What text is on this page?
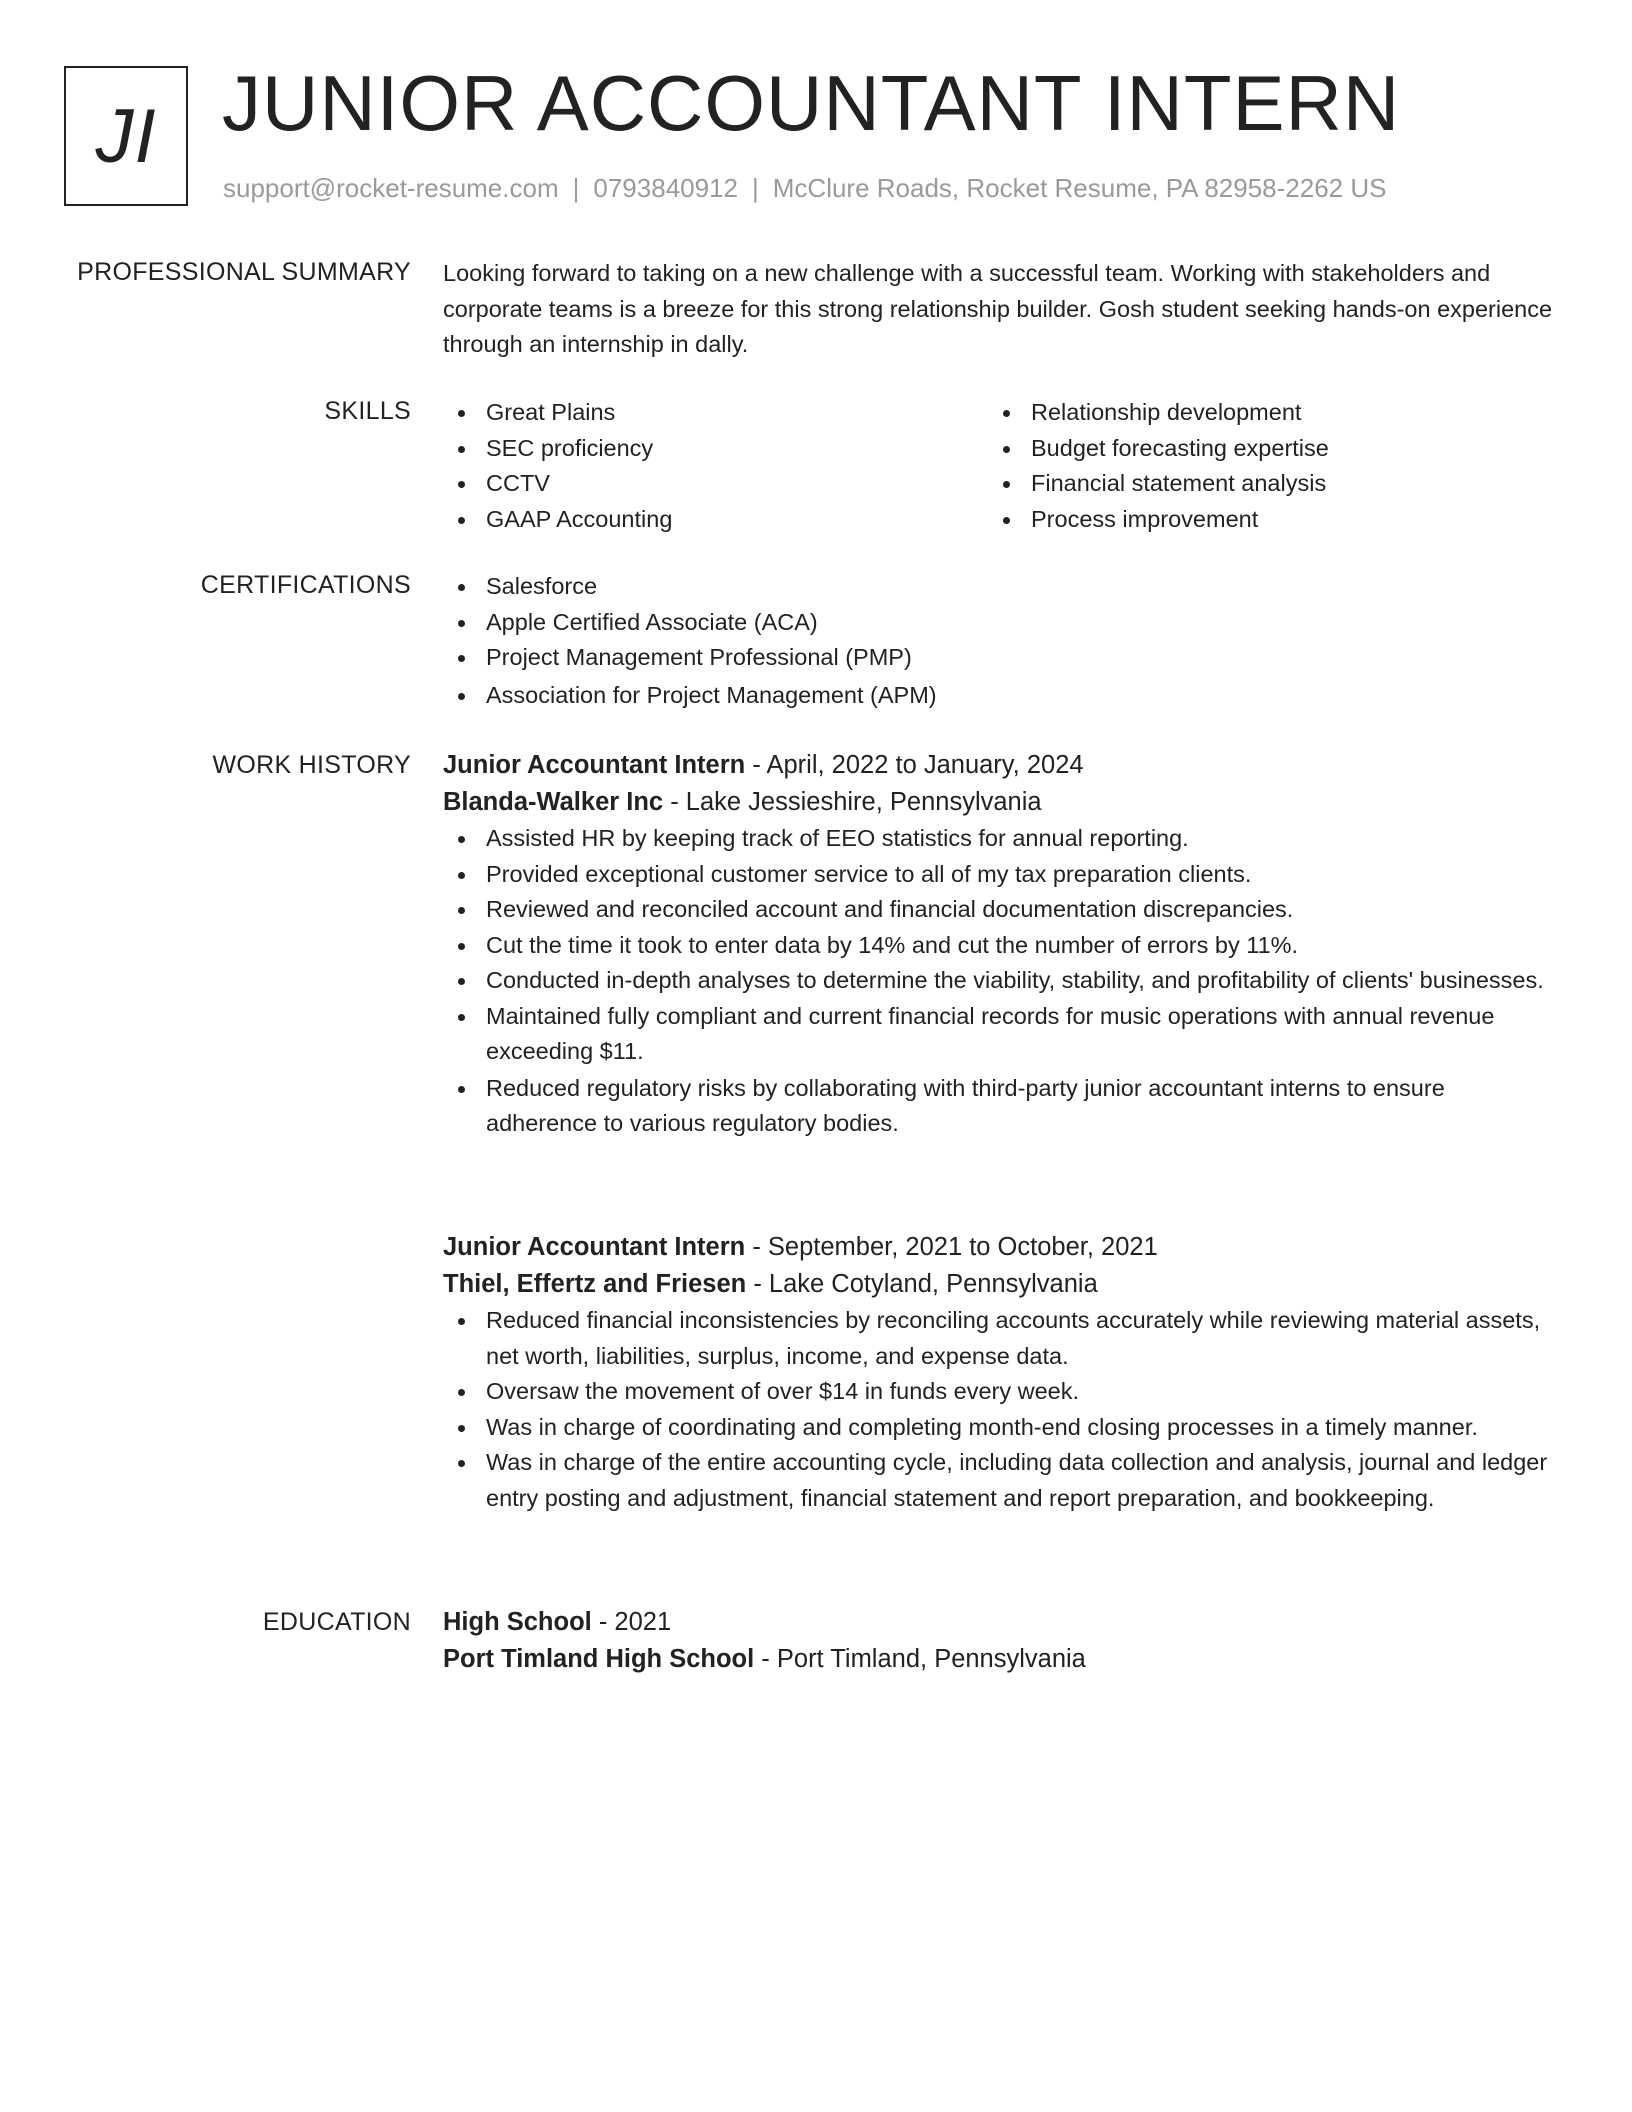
JI JUNIOR ACCOUNTANT INTERN
support@rocket-resume.com | 0793840912 | McClure Roads, Rocket Resume, PA 82958-2262 US
PROFESSIONAL SUMMARY Looking forward to taking on a new challenge with a successful team. Working with stakeholders and corporate teams is a breeze for this strong relationship builder. Gosh student seeking hands-on experience through an internship in dally.

SKILLS	Great Plains
SEC proficiency
CCTV
GAAP Accounting
Relationship development
Budget forecasting expertise
Financial statement analysis
Process improvement
CERTIFICATIONS	Salesforce
Apple Certified Associate (ACA)
Project Management Professional (PMP)
Association for Project Management (APM)
WORK HISTORY Junior Accountant Intern - April, 2022 to January, 2024
Blanda-Walker Inc - Lake Jessieshire, Pennsylvania
Assisted HR by keeping track of EEO statistics for annual reporting.
Provided exceptional customer service to all of my tax preparation clients.
Reviewed and reconciled account and financial documentation discrepancies.
Cut the time it took to enter data by 14% and cut the number of errors by 11%.
Conducted in-depth analyses to determine the viability, stability, and profitability of clients' businesses.
Maintained fully compliant and current financial records for music operations with annual revenue exceeding $11.
Reduced regulatory risks by collaborating with third-party junior accountant interns to ensure adherence to various regulatory bodies.
Junior Accountant Intern - September, 2021 to October, 2021
Thiel, Effertz and Friesen - Lake Cotyland, Pennsylvania
Reduced financial inconsistencies by reconciling accounts accurately while reviewing material assets, net worth, liabilities, surplus, income, and expense data.
Oversaw the movement of over $14 in funds every week.
Was in charge of coordinating and completing month-end closing processes in a timely manner.
Was in charge of the entire accounting cycle, including data collection and analysis, journal and ledger entry posting and adjustment, financial statement and report preparation, and bookkeeping.
EDUCATION High School - 2021
Port Timland High School - Port Timland, Pennsylvania
